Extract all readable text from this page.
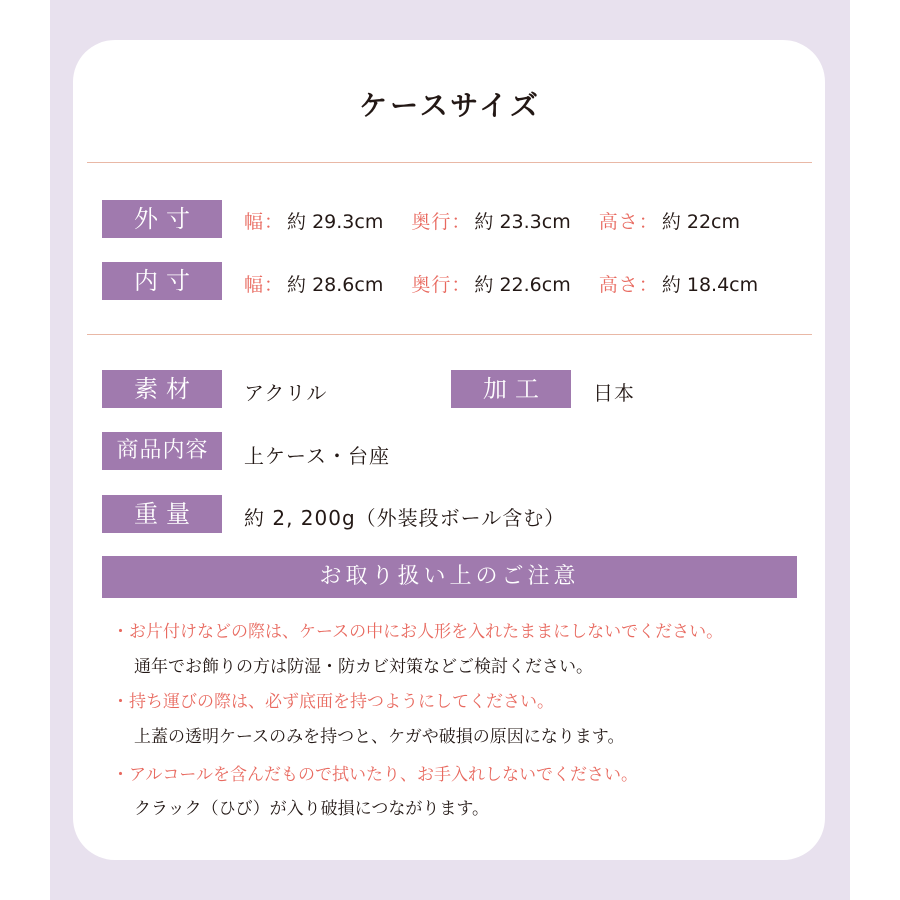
ケースサイズ
外寸	幅： 約 29.3cm 奥行： 約 23.3cm 高さ： 約 22cm
内寸	幅： 約 28.6cm 奥行： 約 22.6cm 高さ： 約 18.4cm
素材	アクリル	加工	日本
商品内容	上ケース・台座
重量	約 2, 200g（外装段ボール含む）
お取り扱い上のご注意
・お片付けなどの際は、ケースの中にお人形を入れたままにしないでください。
通年でお飾りの方は防湿・防カビ対策などご検討ください。
・持ち運びの際は、必ず底面を持つようにしてください。
上蓋の透明ケースのみを持つと、ケガや破損の原因になります。
・アルコールを含んだもので拭いたり、お手入れしないでください。
クラック（ひび）が入り破損につながります。
